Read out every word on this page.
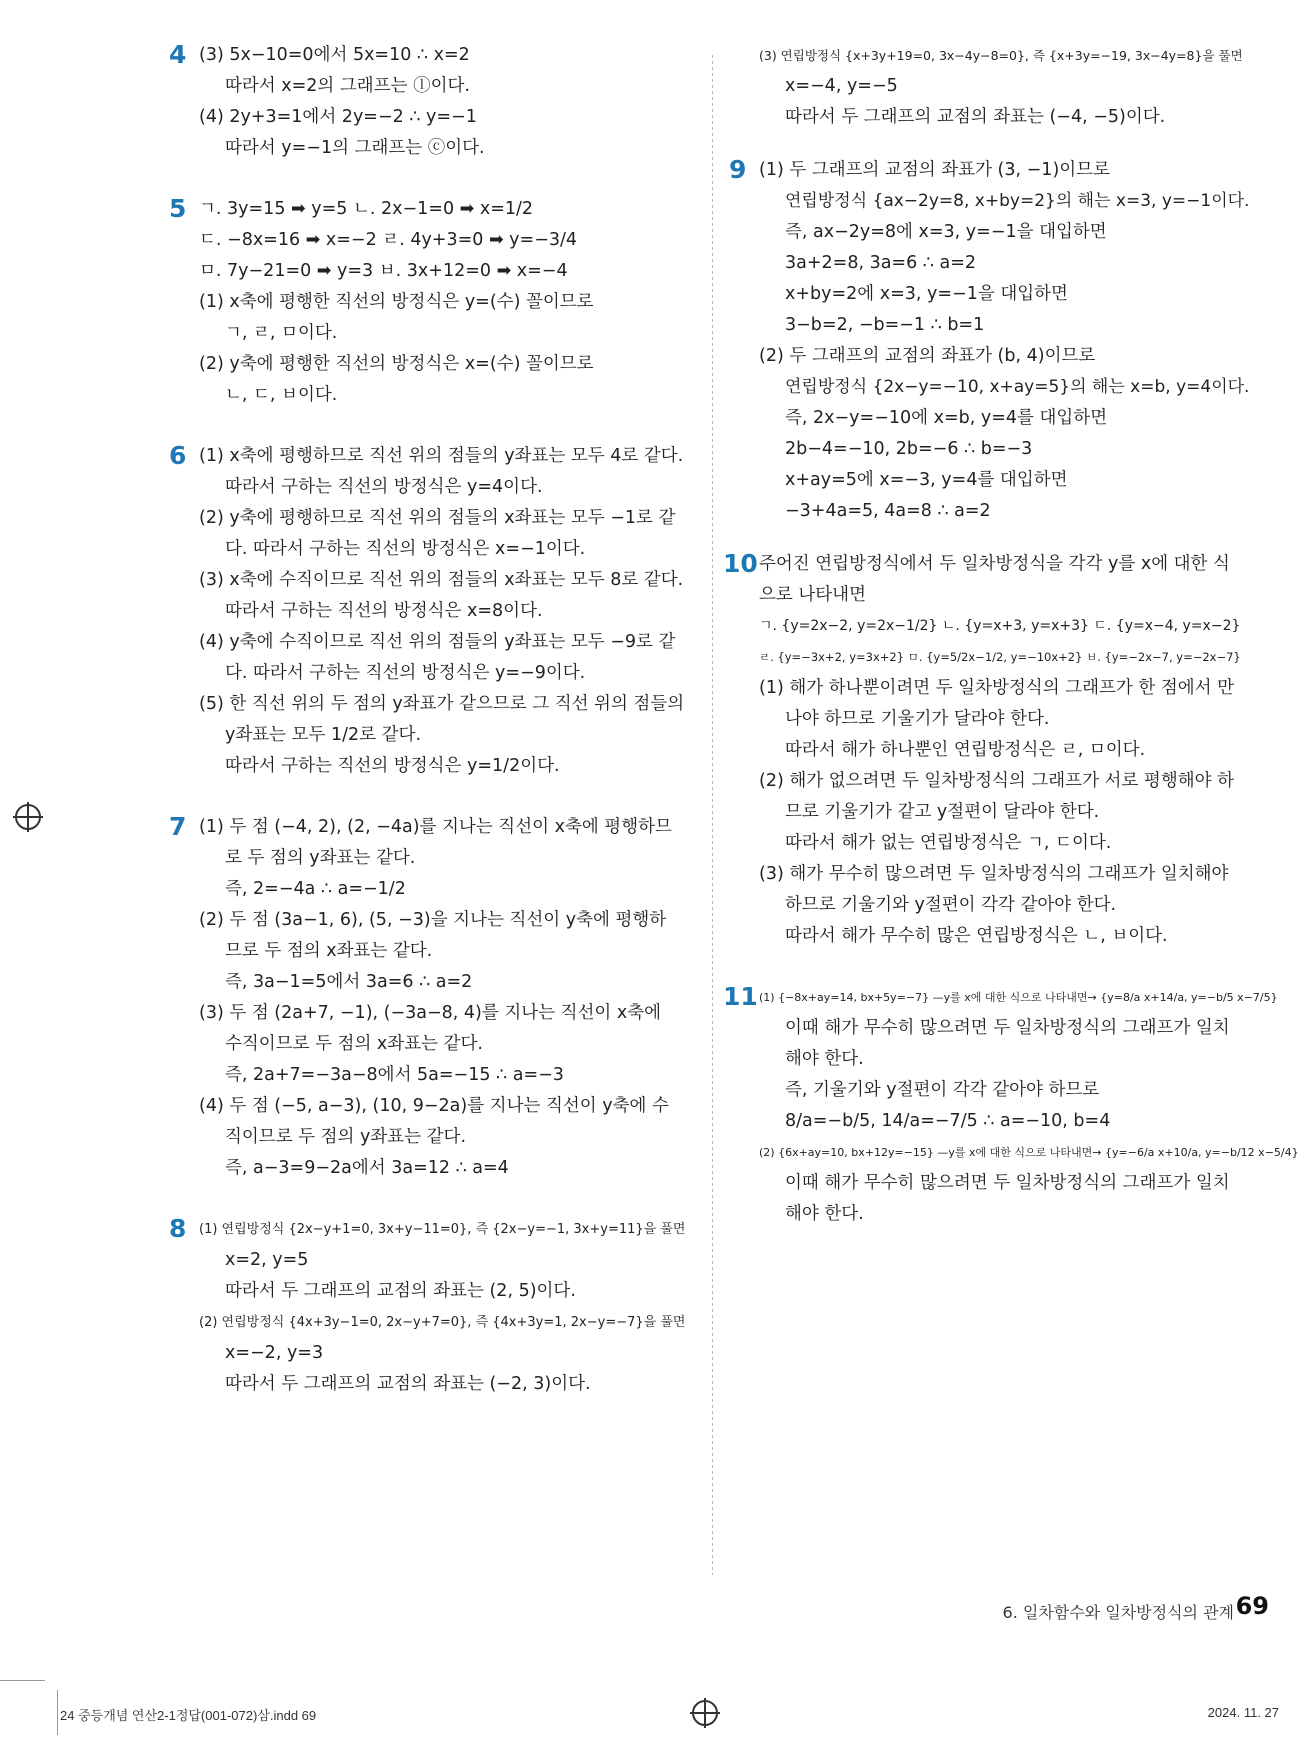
4 (3) 5x−10=0에서 5x=10 ∴ x=2
따라서 x=2의 그래프는 ⓛ이다.
(4) 2y+3=1에서 2y=−2 ∴ y=−1
따라서 y=−1의 그래프는 ⓒ이다.
5 ㄱ. 3y=15 ➡ y=5 ㄴ. 2x−1=0 ➡ x=1/2
ㄷ. −8x=16 ➡ x=−2 ㄹ. 4y+3=0 ➡ y=−3/4
ㅁ. 7y−21=0 ➡ y=3 ㅂ. 3x+12=0 ➡ x=−4
(1) x축에 평행한 직선의 방정식은 y=(수) 꼴이므로
ㄱ, ㄹ, ㅁ이다.
(2) y축에 평행한 직선의 방정식은 x=(수) 꼴이므로
ㄴ, ㄷ, ㅂ이다.
6 (1) x축에 평행하므로 직선 위의 점들의 y좌표는 모두 4로 같다.
따라서 구하는 직선의 방정식은 y=4이다.
(2) y축에 평행하므로 직선 위의 점들의 x좌표는 모두 −1로 같
다. 따라서 구하는 직선의 방정식은 x=−1이다.
(3) x축에 수직이므로 직선 위의 점들의 x좌표는 모두 8로 같다.
따라서 구하는 직선의 방정식은 x=8이다.
(4) y축에 수직이므로 직선 위의 점들의 y좌표는 모두 −9로 같
다. 따라서 구하는 직선의 방정식은 y=−9이다.
(5) 한 직선 위의 두 점의 y좌표가 같으므로 그 직선 위의 점들의
y좌표는 모두 1/2로 같다.
따라서 구하는 직선의 방정식은 y=1/2이다.
7 (1) 두 점 (−4, 2), (2, −4a)를 지나는 직선이 x축에 평행하므
로 두 점의 y좌표는 같다.
즉, 2=−4a ∴ a=−1/2
(2) 두 점 (3a−1, 6), (5, −3)을 지나는 직선이 y축에 평행하
므로 두 점의 x좌표는 같다.
즉, 3a−1=5에서 3a=6 ∴ a=2
(3) 두 점 (2a+7, −1), (−3a−8, 4)를 지나는 직선이 x축에
수직이므로 두 점의 x좌표는 같다.
즉, 2a+7=−3a−8에서 5a=−15 ∴ a=−3
(4) 두 점 (−5, a−3), (10, 9−2a)를 지나는 직선이 y축에 수
직이므로 두 점의 y좌표는 같다.
즉, a−3=9−2a에서 3a=12 ∴ a=4
8 (1) 연립방정식 {2x−y+1=0, 3x+y−11=0}, 즉 {2x−y=−1, 3x+y=11}을 풀면
x=2, y=5
따라서 두 그래프의 교점의 좌표는 (2, 5)이다.
(2) 연립방정식 {4x+3y−1=0, 2x−y+7=0}, 즉 {4x+3y=1, 2x−y=−7}을 풀면
x=−2, y=3
따라서 두 그래프의 교점의 좌표는 (−2, 3)이다.
(3) 연립방정식 {x+3y+19=0, 3x−4y−8=0}, 즉 {x+3y=−19, 3x−4y=8}을 풀면
x=−4, y=−5
따라서 두 그래프의 교점의 좌표는 (−4, −5)이다.
9 (1) 두 그래프의 교점의 좌표가 (3, −1)이므로
연립방정식 {ax−2y=8, x+by=2}의 해는 x=3, y=−1이다.
즉, ax−2y=8에 x=3, y=−1을 대입하면
3a+2=8, 3a=6 ∴ a=2
x+by=2에 x=3, y=−1을 대입하면
3−b=2, −b=−1 ∴ b=1
(2) 두 그래프의 교점의 좌표가 (b, 4)이므로
연립방정식 {2x−y=−10, x+ay=5}의 해는 x=b, y=4이다.
즉, 2x−y=−10에 x=b, y=4를 대입하면
2b−4=−10, 2b=−6 ∴ b=−3
x+ay=5에 x=−3, y=4를 대입하면
−3+4a=5, 4a=8 ∴ a=2
10 주어진 연립방정식에서 두 일차방정식을 각각 y를 x에 대한 식
으로 나타내면
ㄱ. {y=2x−2, y=2x−1/2} ㄴ. {y=x+3, y=x+3} ㄷ. {y=x−4, y=x−2}
ㄹ. {y=−3x+2, y=3x+2} ㅁ. {y=5/2x−1/2, y=−10x+2} ㅂ. {y=−2x−7, y=−2x−7}
(1) 해가 하나뿐이려면 두 일차방정식의 그래프가 한 점에서 만
나야 하므로 기울기가 달라야 한다.
따라서 해가 하나뿐인 연립방정식은 ㄹ, ㅁ이다.
(2) 해가 없으려면 두 일차방정식의 그래프가 서로 평행해야 하
므로 기울기가 같고 y절편이 달라야 한다.
따라서 해가 없는 연립방정식은 ㄱ, ㄷ이다.
(3) 해가 무수히 많으려면 두 일차방정식의 그래프가 일치해야
하므로 기울기와 y절편이 각각 같아야 한다.
따라서 해가 무수히 많은 연립방정식은 ㄴ, ㅂ이다.
11 (1) {−8x+ay=14, bx+5y=−7} —y를 x에 대한 식으로 나타내면→ {y=8/a x+14/a, y=−b/5 x−7/5}
이때 해가 무수히 많으려면 두 일차방정식의 그래프가 일치
해야 한다.
즉, 기울기와 y절편이 각각 같아야 하므로
8/a=−b/5, 14/a=−7/5 ∴ a=−10, b=4
(2) {6x+ay=10, bx+12y=−15} —y를 x에 대한 식으로 나타내면→ {y=−6/a x+10/a, y=−b/12 x−5/4}
이때 해가 무수히 많으려면 두 일차방정식의 그래프가 일치
해야 한다.
6. 일차함수와 일차방정식의 관계 69
24 중등개념 연산2-1정답(001-072)삼.indd 69	2024. 11. 27
